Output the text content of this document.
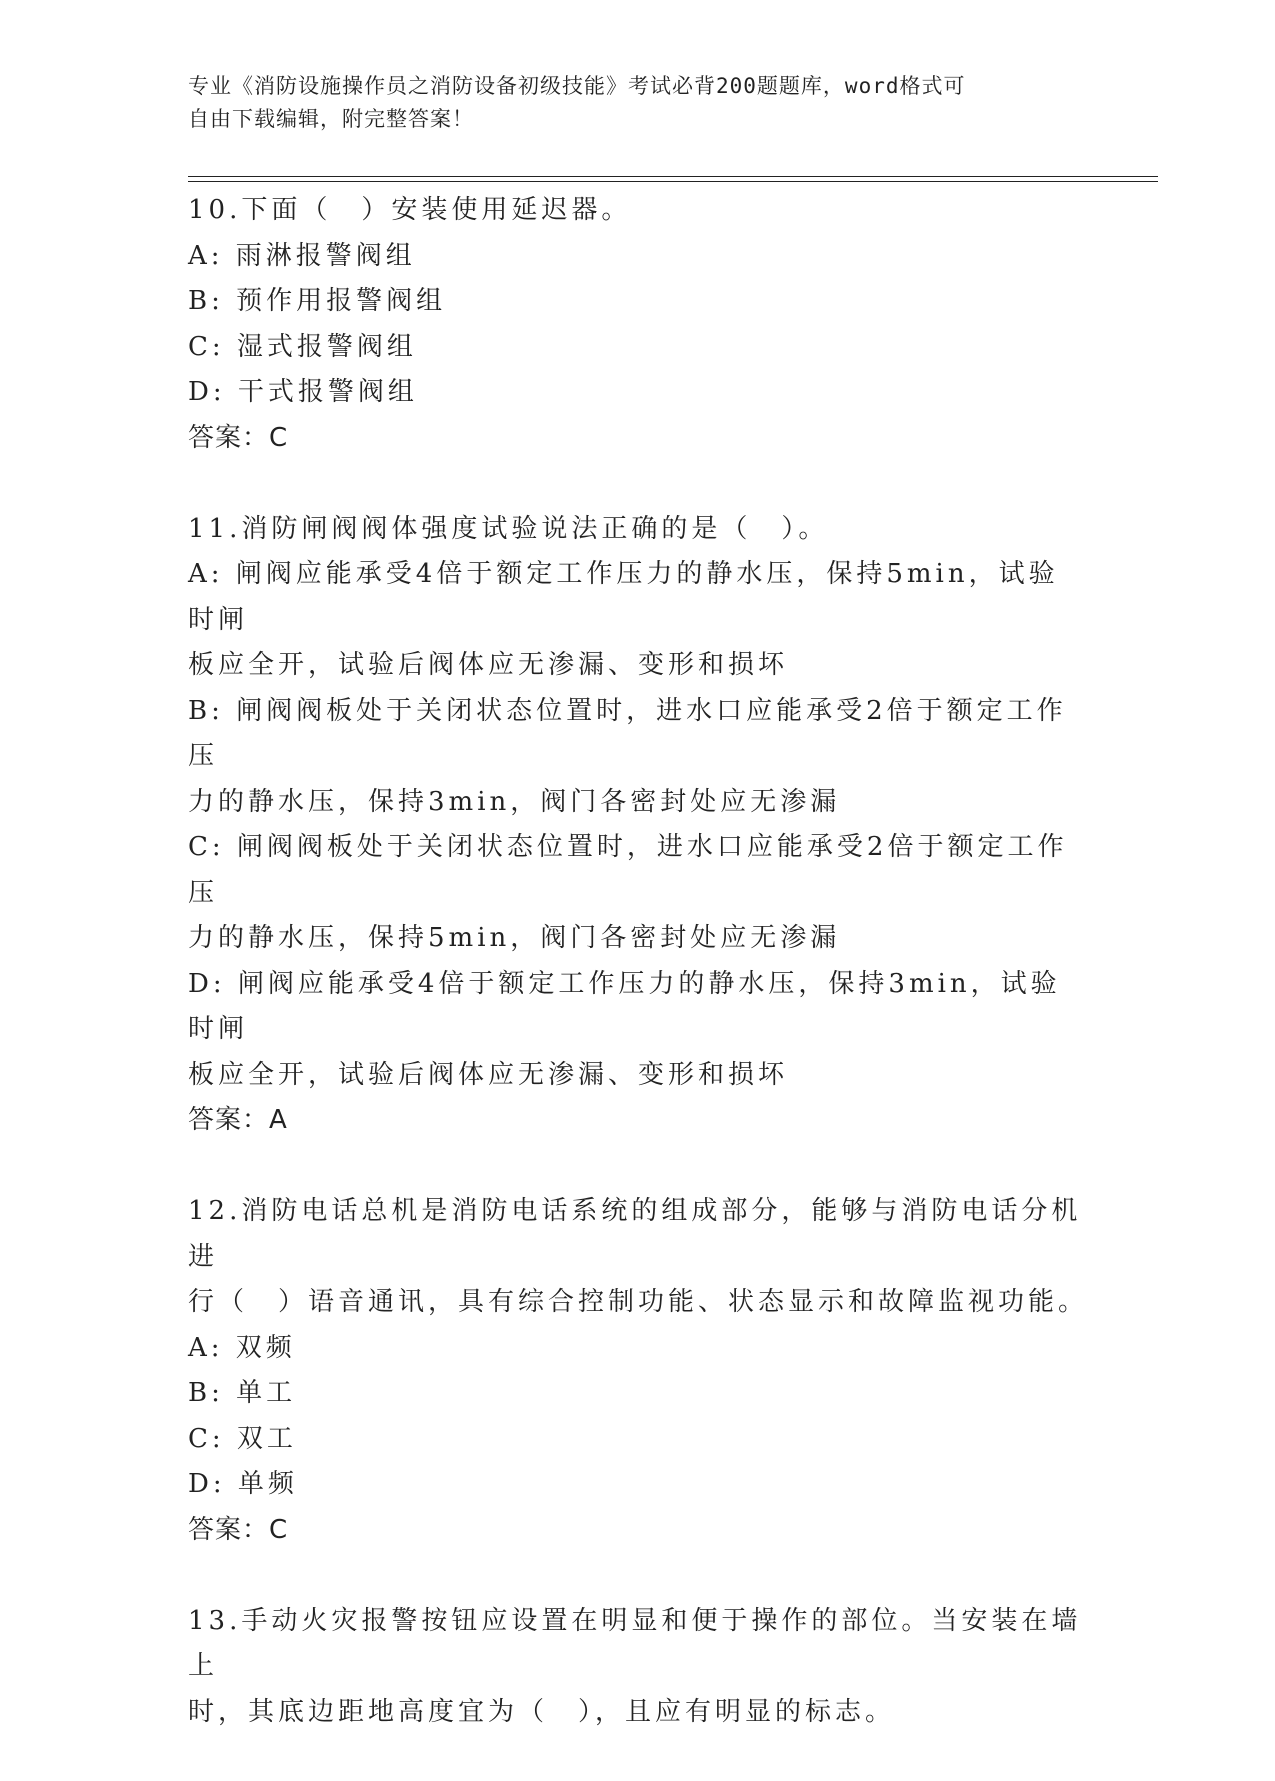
专业《消防设施操作员之消防设备初级技能》考试必背200题题库，word格式可
自由下载编辑，附完整答案！
10.下面（　）安装使用延迟器。
A: 雨淋报警阀组
B: 预作用报警阀组
C: 湿式报警阀组
D: 干式报警阀组
答案：C
11.消防闸阀阀体强度试验说法正确的是（　）。
A: 闸阀应能承受4倍于额定工作压力的静水压，保持5min，试验时闸
板应全开，试验后阀体应无渗漏、变形和损坏
B: 闸阀阀板处于关闭状态位置时，进水口应能承受2倍于额定工作压
力的静水压，保持3min，阀门各密封处应无渗漏
C: 闸阀阀板处于关闭状态位置时，进水口应能承受2倍于额定工作压
力的静水压，保持5min，阀门各密封处应无渗漏
D: 闸阀应能承受4倍于额定工作压力的静水压，保持3min，试验时闸
板应全开，试验后阀体应无渗漏、变形和损坏
答案：A
12.消防电话总机是消防电话系统的组成部分，能够与消防电话分机进
行（　）语音通讯，具有综合控制功能、状态显示和故障监视功能。
A: 双频
B: 单工
C: 双工
D: 单频
答案：C
13.手动火灾报警按钮应设置在明显和便于操作的部位。当安装在墙上
时，其底边距地高度宜为（　），且应有明显的标志。
